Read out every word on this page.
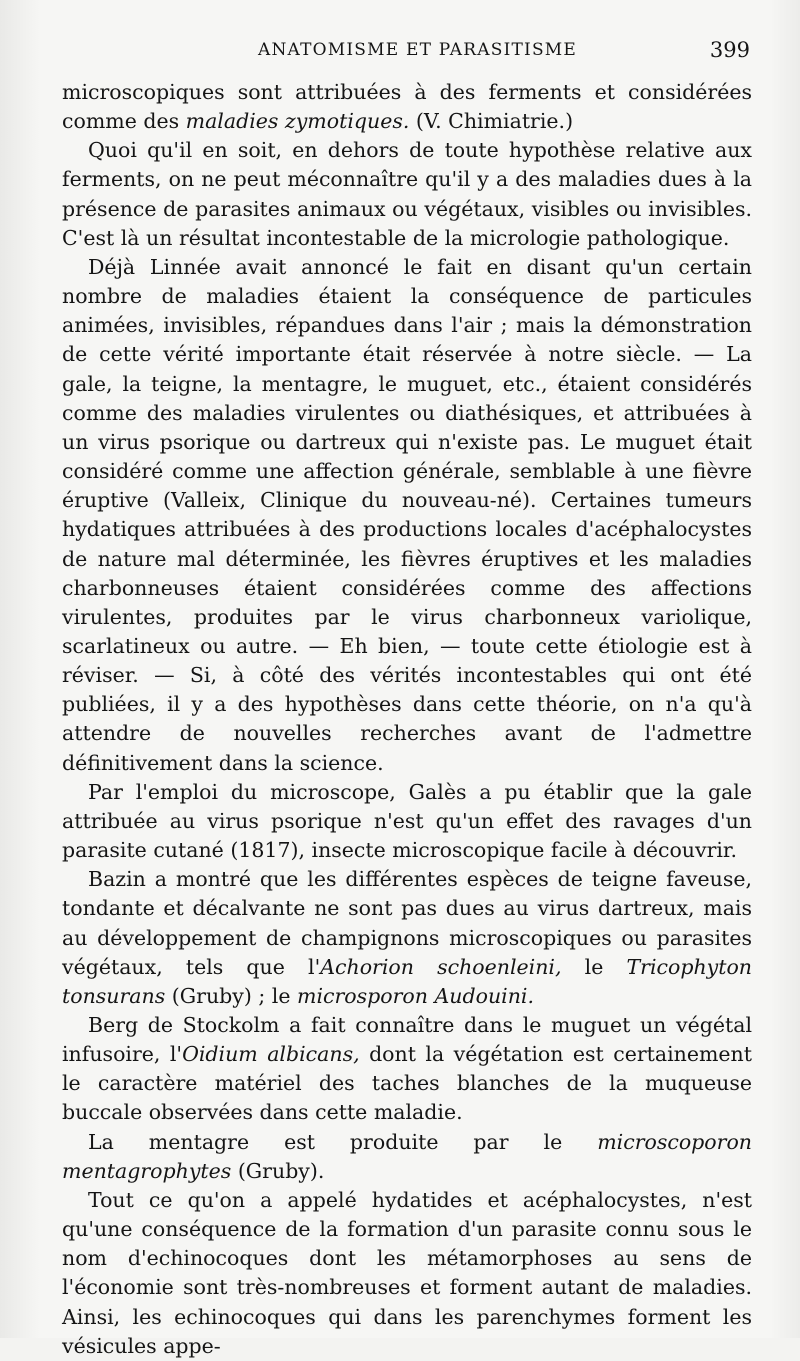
ANATOMISME ET PARASITISME	399

microscopiques sont attribuées à des ferments et considérées comme des maladies zymotiques. (V. Chimiatrie.)

Quoi qu'il en soit, en dehors de toute hypothèse relative aux ferments, on ne peut méconnaître qu'il y a des maladies dues à la présence de parasites animaux ou végétaux, visibles ou invisibles. C'est là un résultat incontestable de la micrologie pathologique.

Déjà Linnée avait annoncé le fait en disant qu'un certain nombre de maladies étaient la conséquence de particules animées, invisibles, répandues dans l'air ; mais la démonstration de cette vérité importante était réservée à notre siècle. — La gale, la teigne, la mentagre, le muguet, etc., étaient considérés comme des maladies virulentes ou diathésiques, et attribuées à un virus psorique ou dartreux qui n'existe pas. Le muguet était considéré comme une affection générale, semblable à une fièvre éruptive (Valleix, Clinique du nouveau-né). Certaines tumeurs hydatiques attribuées à des productions locales d'acéphalocystes de nature mal déterminée, les fièvres éruptives et les maladies charbonneuses étaient considérées comme des affections virulentes, produites par le virus charbonneux variolique, scarlatineux ou autre. — Eh bien, — toute cette étiologie est à réviser. — Si, à côté des vérités incontestables qui ont été publiées, il y a des hypothèses dans cette théorie, on n'a qu'à attendre de nouvelles recherches avant de l'admettre définitivement dans la science.

Par l'emploi du microscope, Galès a pu établir que la gale attribuée au virus psorique n'est qu'un effet des ravages d'un parasite cutané (1817), insecte microscopique facile à découvrir.

Bazin a montré que les différentes espèces de teigne faveuse, tondante et décalvante ne sont pas dues au virus dartreux, mais au développement de champignons microscopiques ou parasites végétaux, tels que l'Achorion schoenleini, le Tricophyton tonsurans (Gruby) ; le microsporon Audouini.

Berg de Stockolm a fait connaître dans le muguet un végétal infusoire, l'Oidium albicans, dont la végétation est certainement le caractère matériel des taches blanches de la muqueuse buccale observées dans cette maladie.

La mentagre est produite par le microscoporon mentagrophytes (Gruby).

Tout ce qu'on a appelé hydatides et acéphalocystes, n'est qu'une conséquence de la formation d'un parasite connu sous le nom d'echinocoques dont les métamorphoses au sens de l'économie sont très-nombreuses et forment autant de maladies. Ainsi, les echinocoques qui dans les parenchymes forment les vésicules appe-
